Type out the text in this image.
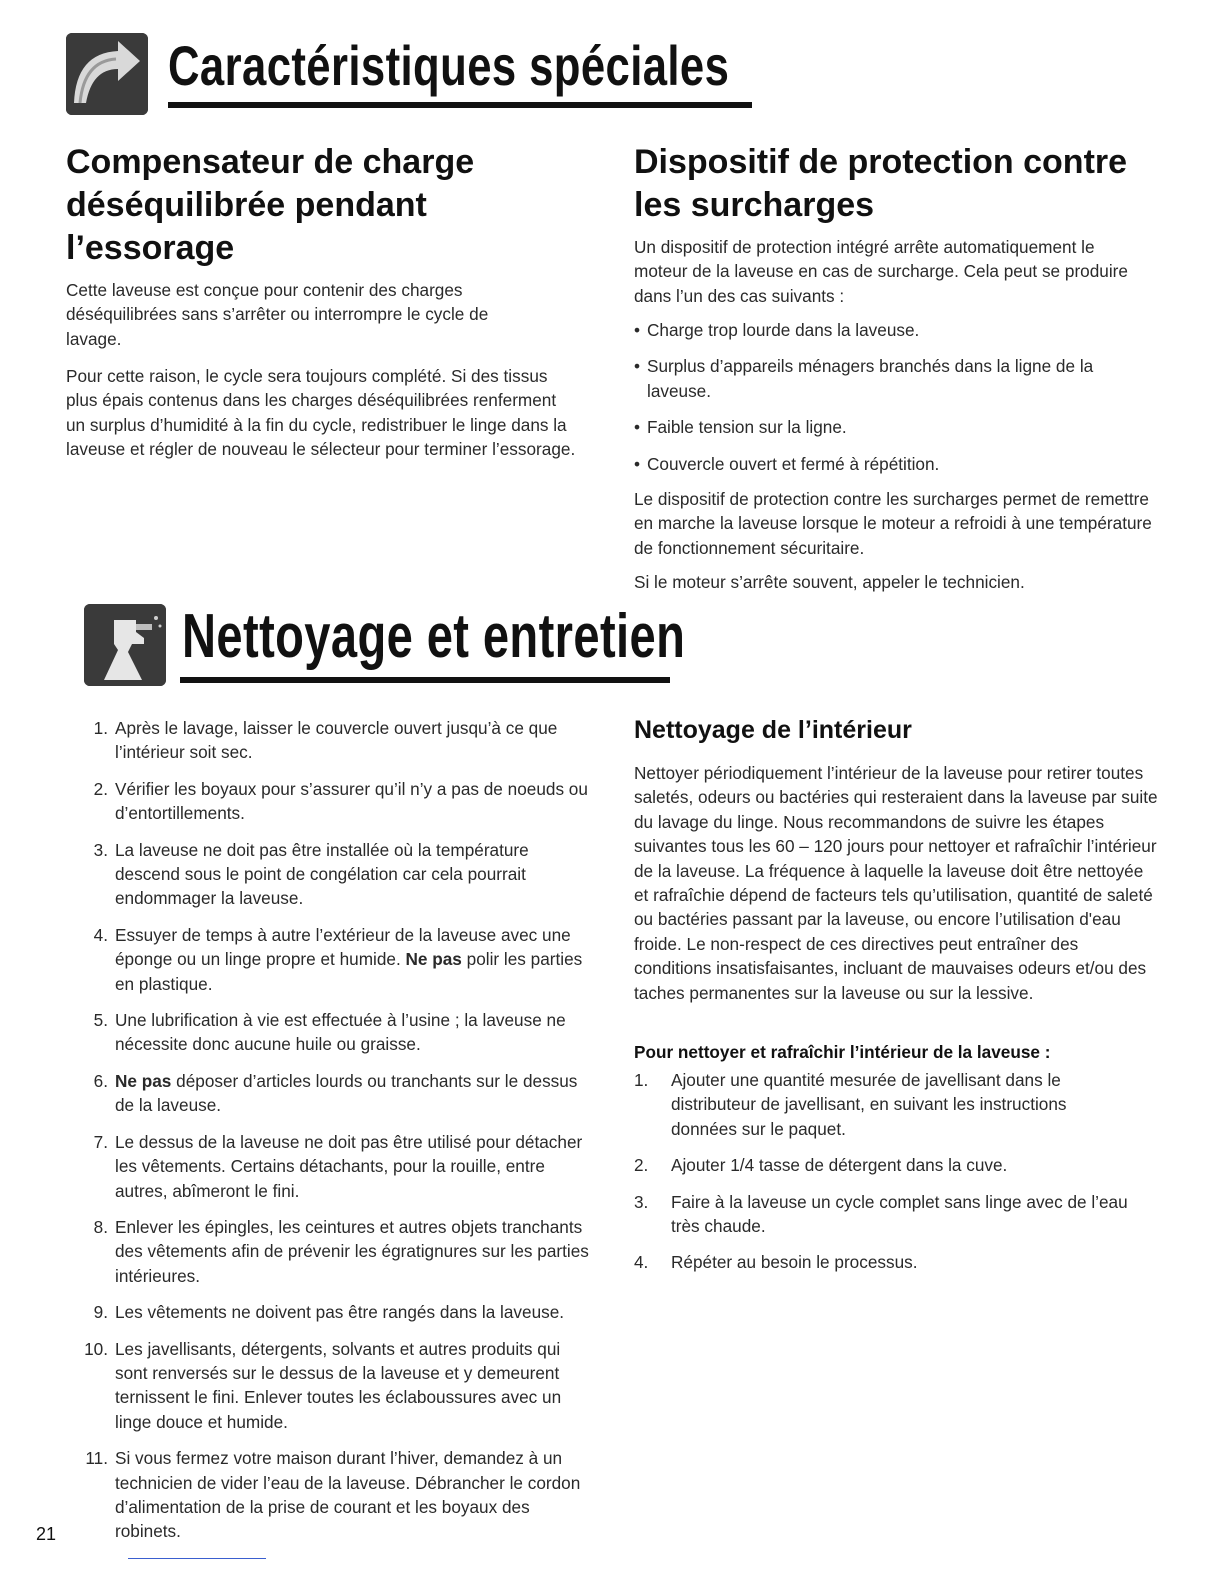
Caractéristiques spéciales
Compensateur de charge déséquilibrée pendant l’essorage

Cette laveuse est conçue pour contenir des charges déséquilibrées sans s’arrêter ou interrompre le cycle de lavage.

Pour cette raison, le cycle sera toujours complété. Si des tissus plus épais contenus dans les charges déséquilibrées renferment un surplus d’humidité à la fin du cycle, redistribuer le linge dans la laveuse et régler de nouveau le sélecteur pour terminer l’essorage.

Dispositif de protection contre les surcharges

Un dispositif de protection intégré arrête automatiquement le moteur de la laveuse en cas de surcharge. Cela peut se produire dans l’un des cas suivants :

• Charge trop lourde dans la laveuse.
• Surplus d’appareils ménagers branchés dans la ligne de la laveuse.
• Faible tension sur la ligne.
• Couvercle ouvert et fermé à répétition.

Le dispositif de protection contre les surcharges permet de remettre en marche la laveuse lorsque le moteur a refroidi à une température de fonctionnement sécuritaire.

Si le moteur s’arrête souvent, appeler le technicien.

Nettoyage et entretien
1. Après le lavage, laisser le couvercle ouvert jusqu’à ce que l’intérieur soit sec.
2. Vérifier les boyaux pour s’assurer qu’il n’y a pas de noeuds ou d’entortillements.
3. La laveuse ne doit pas être installée où la température descend sous le point de congélation car cela pourrait endommager la laveuse.
4. Essuyer de temps à autre l’extérieur de la laveuse avec une éponge ou un linge propre et humide. Ne pas polir les parties en plastique.
5. Une lubrification à vie est effectuée à l’usine ; la laveuse ne nécessite donc aucune huile ou graisse.
6. Ne pas déposer d’articles lourds ou tranchants sur le dessus de la laveuse.
7. Le dessus de la laveuse ne doit pas être utilisé pour détacher les vêtements. Certains détachants, pour la rouille, entre autres, abîmeront le fini.
8. Enlever les épingles, les ceintures et autres objets tranchants des vêtements afin de prévenir les égratignures sur les parties intérieures.
9. Les vêtements ne doivent pas être rangés dans la laveuse.
10. Les javellisants, détergents, solvants et autres produits qui sont renversés sur le dessus de la laveuse et y demeurent ternissent le fini. Enlever toutes les éclaboussures avec un linge douce et humide.
11. Si vous fermez votre maison durant l’hiver, demandez à un technicien de vider l’eau de la laveuse. Débrancher le cordon d’alimentation de la prise de courant et les boyaux des robinets.
Nettoyage de l’intérieur

Nettoyer périodiquement l’intérieur de la laveuse pour retirer toutes saletés, odeurs ou bactéries qui resteraient dans la laveuse par suite du lavage du linge. Nous recommandons de suivre les étapes suivantes tous les 60 – 120 jours pour nettoyer et rafraîchir l’intérieur de la laveuse. La fréquence à laquelle la laveuse doit être nettoyée et rafraîchie dépend de facteurs tels qu’utilisation, quantité de saleté ou bactéries passant par la laveuse, ou encore l’utilisation d'eau froide. Le non-respect de ces directives peut entraîner des conditions insatisfaisantes, incluant de mauvaises odeurs et/ou des taches permanentes sur la laveuse ou sur la lessive.

Pour nettoyer et rafraîchir l’intérieur de la laveuse :

1.	Ajouter une quantité mesurée de javellisant dans le distributeur de javellisant, en suivant les instructions données sur le paquet.
2.	Ajouter 1/4 tasse de détergent dans la cuve.
3.	Faire à la laveuse un cycle complet sans linge avec de l’eau très chaude.
4.	Répéter au besoin le processus.
21
